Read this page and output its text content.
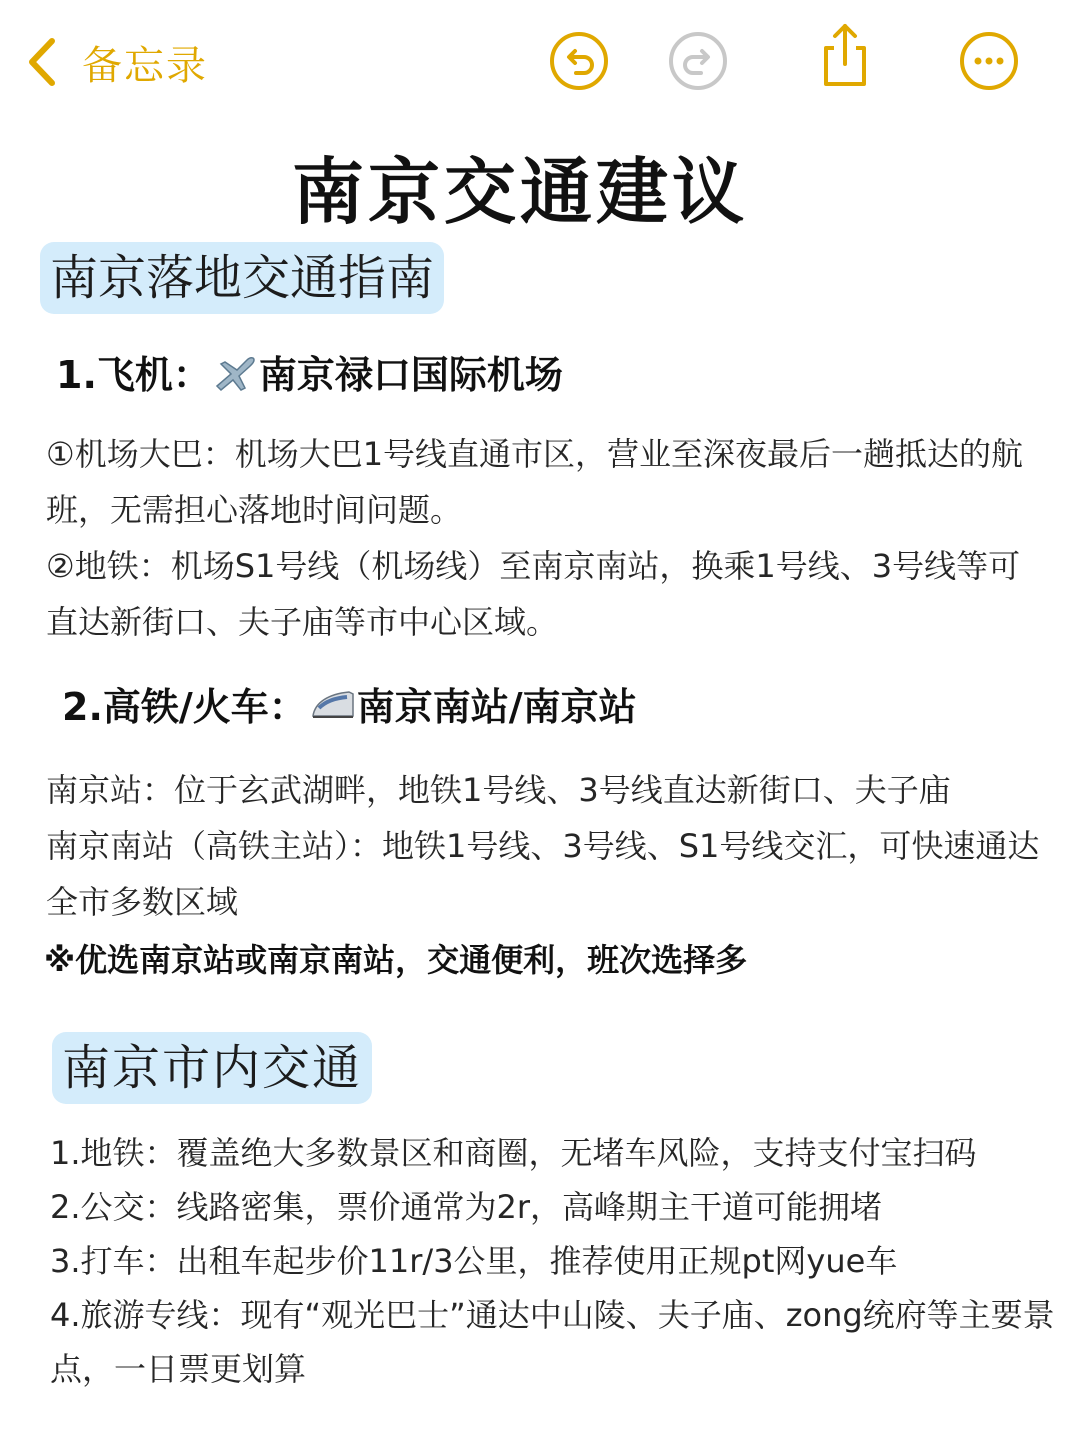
备忘录
南京交通建议
南京落地交通指南
1.飞机： 南京禄口国际机场

①机场大巴：机场大巴1号线直通市区，营业至深夜最后一趟抵达的航班，无需担心落地时间问题。

②地铁：机场S1号线（机场线）至南京南站，换乘1号线、3号线等可直达新街口、夫子庙等市中心区域。

2.高铁/火车： 南京南站/南京站

南京站：位于玄武湖畔，地铁1号线、3号线直达新街口、夫子庙

南京南站（高铁主站）：地铁1号线、3号线、S1号线交汇，可快速通达全市多数区域

※优选南京站或南京南站，交通便利，班次选择多
南京市内交通
1.地铁：覆盖绝大多数景区和商圈，无堵车风险，支持支付宝扫码
2.公交：线路密集，票价通常为2r，高峰期主干道可能拥堵
3.打车：出租车起步价11r/3公里，推荐使用正规pt网yue车
4.旅游专线：现有“观光巴士”通达中山陵、夫子庙、zong统府等主要景点，一日票更划算
